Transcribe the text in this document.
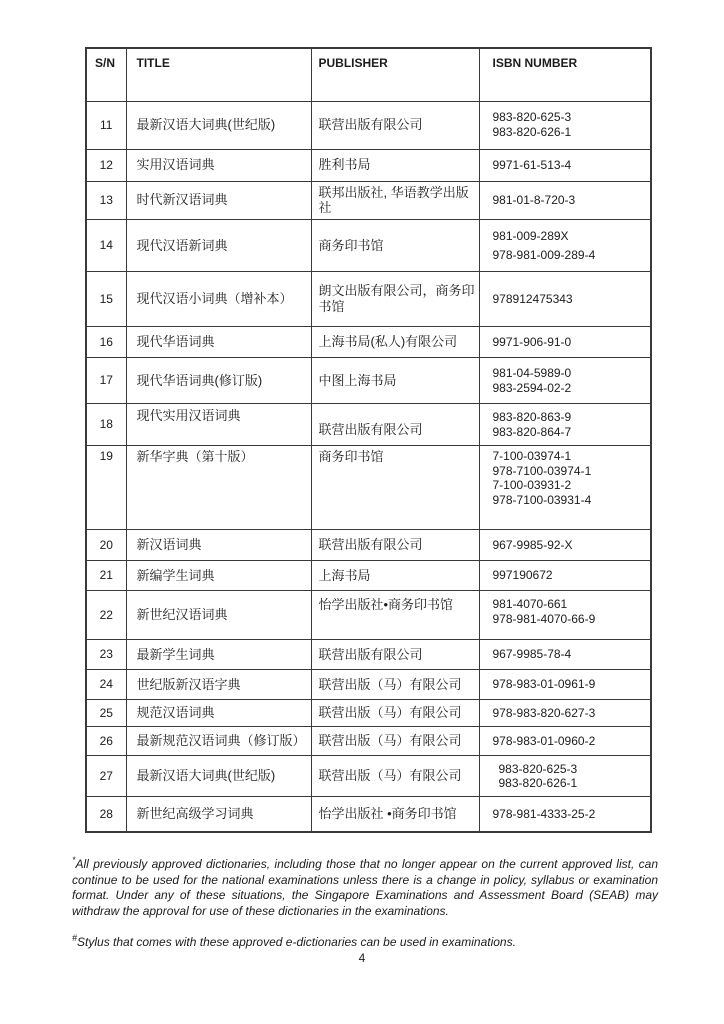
S/N	TITLE	PUBLISHER	ISBN NUMBER
11	最新汉语大词典(世纪版)	联营出版有限公司	983-820-625-3
983-820-626-1

12	实用汉语词典	胜利书局	9971-61-513-4

13	时代新汉语词典	联邦出版社, 华语教学出版社	981-01-8-720-3

14	现代汉语新词典	商务印书馆	981-009-289X
978-981-009-289-4

15	现代汉语小词典（增补本）	朗文出版有限公司，商务印书馆	978912475343

16	现代华语词典	上海书局(私人)有限公司	9971-906-91-0

17	现代华语词典(修订版)	中图上海书局	981-04-5989-0
983-2594-02-2

18	现代实用汉语词典	联营出版有限公司	983-820-863-9
983-820-864-7

19	新华字典（第十版）	商务印书馆	7-100-03974-1
978-7100-03974-1
7-100-03931-2
978-7100-03931-4

20	新汉语词典	联营出版有限公司	967-9985-92-X

21	新编学生词典	上海书局	997190672

22	新世纪汉语词典	怡学出版社•商务印书馆	981-4070-661
978-981-4070-66-9

23	最新学生词典	联营出版有限公司	967-9985-78-4

24	世纪版新汉语字典	联营出版（马）有限公司	978-983-01-0961-9

25	规范汉语词典	联营出版（马）有限公司	978-983-820-627-3

26	最新规范汉语词典（修订版）	联营出版（马）有限公司	978-983-01-0960-2

27	最新汉语大词典(世纪版)	联营出版（马）有限公司	983-820-625-3
983-820-626-1

28	新世纪高级学习词典	怡学出版社 •商务印书馆	978-981-4333-25-2

*All previously approved dictionaries, including those that no longer appear on the current approved list, can continue to be used for the national examinations unless there is a change in policy, syllabus or examination format. Under any of these situations, the Singapore Examinations and Assessment Board (SEAB) may withdraw the approval for use of these dictionaries in the examinations.

#Stylus that comes with these approved e-dictionaries can be used in examinations.

4
